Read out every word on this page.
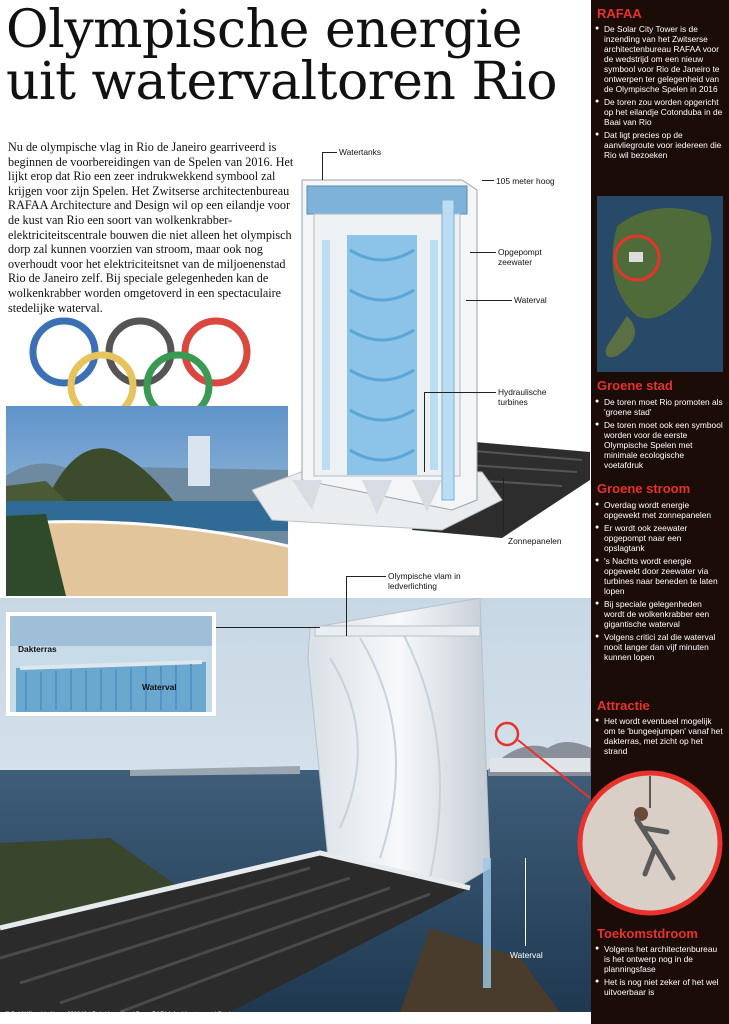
Olympische energie
uit watervaltoren Rio

Nu de olympische vlag in Rio de Janeiro gearriveerd is beginnen de voorbereidingen van de Spelen van 2016. Het lijkt erop dat Rio een zeer indrukwekkend symbool zal krijgen voor zijn Spelen. Het Zwitserse architectenbureau RAFAA Architecture and Design wil op een eilandje voor de kust van Rio een soort van wolkenkrabber-elektriciteitscentrale bouwen die niet alleen het olympisch dorp zal kunnen voorzien van stroom, maar ook nog overhoudt voor het elektriciteitsnet van de miljoenenstad Rio de Janeiro zelf. Bij speciale gelegenheden kan de wolkenkrabber worden omgetoverd in een spectaculaire stedelijke waterval.

Watertanks
105 meter hoog
Opgepompt zeewater
Waterval
Hydraulische turbines
Zonnepanelen
Dakterras
Waterval
Olympische vlam in ledverlichting
Waterval
© DvhN/Graphic News 290912 | Rob Hesseling | Bron: RAFAA Architecture and Design
RAFAA
● De Solar City Tower is de inzending van het Zwitserse architectenbureau RAFAA voor de wedstrijd om een nieuw symbool voor Rio de Janeiro te ontwerpen ter gelegenheid van de Olympische Spelen in 2016
● De toren zou worden opgericht op het eilandje Cotonduba in de Baai van Rio
● Dat ligt precies op de aanvliegroute voor iedereen die Rio wil bezoeken
Groene stad
● De toren moet Rio promoten als 'groene stad'
● De toren moet ook een symbool worden voor de eerste Olympische Spelen met minimale ecologische voetafdruk
Groene stroom
● Overdag wordt energie opgewekt met zonnepanelen
● Er wordt ook zeewater opgepompt naar een opslagtank
● 's Nachts wordt energie opgewekt door zeewater via turbines naar beneden te laten lopen
● Bij speciale gelegenheden wordt de wolkenkrabber een gigantische waterval
● Volgens critici zal die waterval nooit langer dan vijf minuten kunnen lopen
Attractie
● Het wordt eventueel mogelijk om te 'bungeejumpen' vanaf het dakterras, met zicht op het strand
Toekomstdroom
● Volgens het architectenbureau is het ontwerp nog in de planningsfase
● Het is nog niet zeker of het wel uitvoerbaar is
